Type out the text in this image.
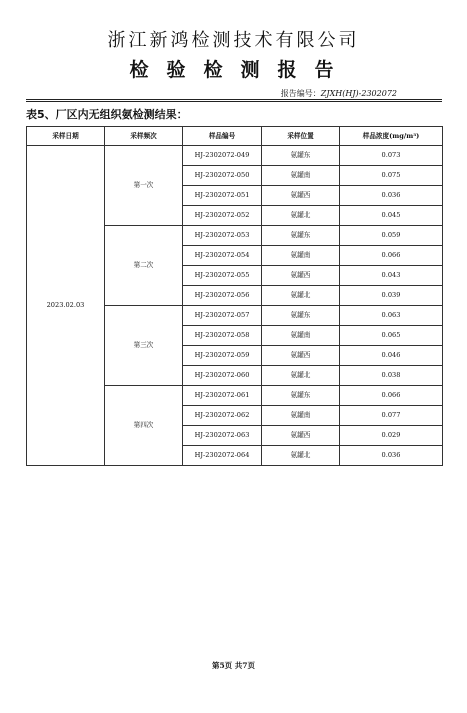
浙江新鸿检测技术有限公司
检验检测报告
报告编号：ZJXH(HJ)-2302072
表5、厂区内无组织氨检测结果：
采样日期	采样频次	样品编号	采样位置	样品浓度(mg/m³)
2023.02.03	第一次	HJ-2302072-049	氨罐东	0.073
		HJ-2302072-050	氨罐南	0.075
		HJ-2302072-051	氨罐西	0.036
		HJ-2302072-052	氨罐北	0.045
	第二次	HJ-2302072-053	氨罐东	0.059
		HJ-2302072-054	氨罐南	0.066
		HJ-2302072-055	氨罐西	0.043
		HJ-2302072-056	氨罐北	0.039
	第三次	HJ-2302072-057	氨罐东	0.063
		HJ-2302072-058	氨罐南	0.065
		HJ-2302072-059	氨罐西	0.046
		HJ-2302072-060	氨罐北	0.038
	第四次	HJ-2302072-061	氨罐东	0.066
		HJ-2302072-062	氨罐南	0.077
		HJ-2302072-063	氨罐西	0.029
		HJ-2302072-064	氨罐北	0.036
第5页 共7页
